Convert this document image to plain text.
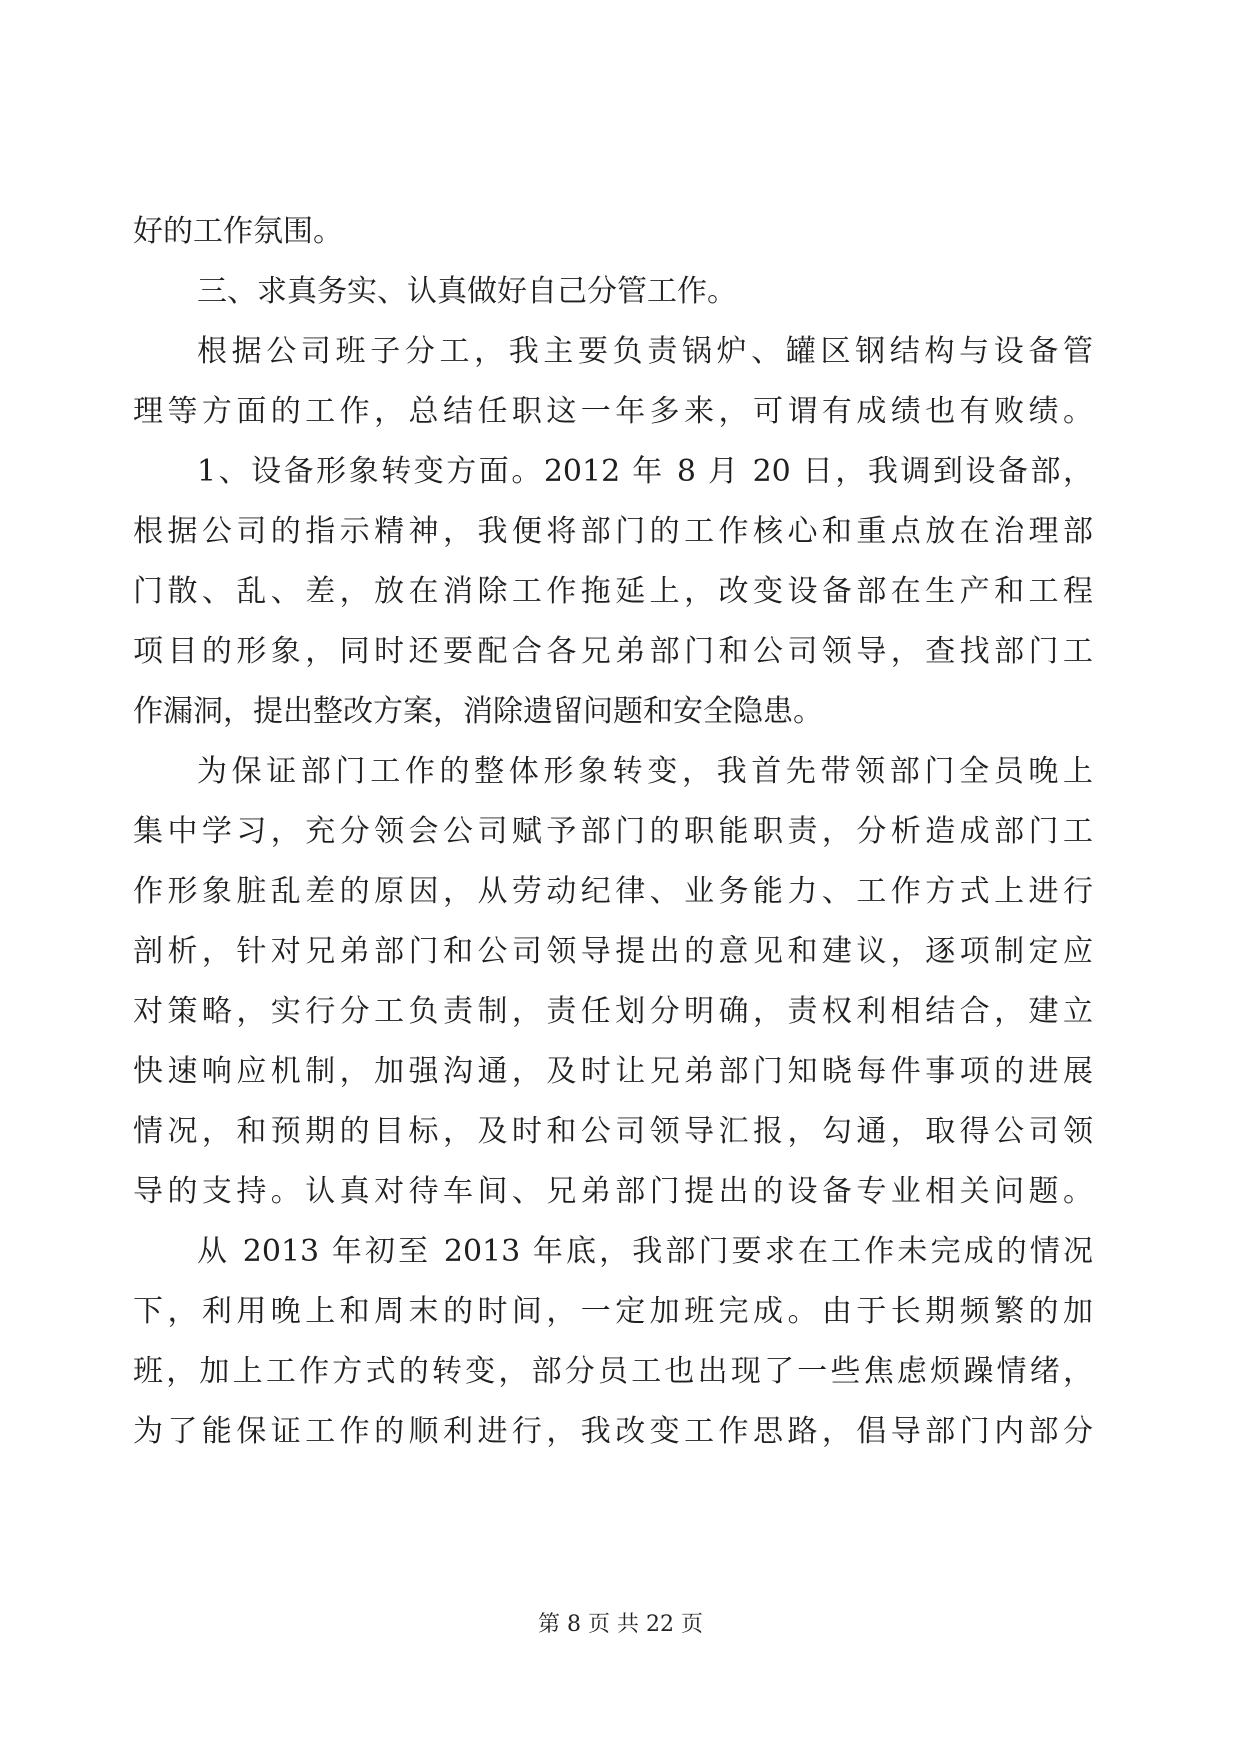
好的工作氛围。
三、求真务实、认真做好自己分管工作。
根据公司班子分工，我主要负责锅炉、罐区钢结构与设备管
理等方面的工作，总结任职这一年多来，可谓有成绩也有败绩。
1、设备形象转变方面。2012 年 8 月 20 日，我调到设备部，
根据公司的指示精神，我便将部门的工作核心和重点放在治理部
门散、乱、差，放在消除工作拖延上，改变设备部在生产和工程
项目的形象，同时还要配合各兄弟部门和公司领导，查找部门工
作漏洞，提出整改方案，消除遗留问题和安全隐患。
为保证部门工作的整体形象转变，我首先带领部门全员晚上
集中学习，充分领会公司赋予部门的职能职责，分析造成部门工
作形象脏乱差的原因，从劳动纪律、业务能力、工作方式上进行
剖析，针对兄弟部门和公司领导提出的意见和建议，逐项制定应
对策略，实行分工负责制，责任划分明确，责权利相结合，建立
快速响应机制，加强沟通，及时让兄弟部门知晓每件事项的进展
情况，和预期的目标，及时和公司领导汇报，勾通，取得公司领
导的支持。认真对待车间、兄弟部门提出的设备专业相关问题。
从 2013 年初至 2013 年底，我部门要求在工作未完成的情况
下，利用晚上和周末的时间，一定加班完成。由于长期频繁的加
班，加上工作方式的转变，部分员工也出现了一些焦虑烦躁情绪，
为了能保证工作的顺利进行，我改变工作思路，倡导部门内部分
第 8 页 共 22 页
